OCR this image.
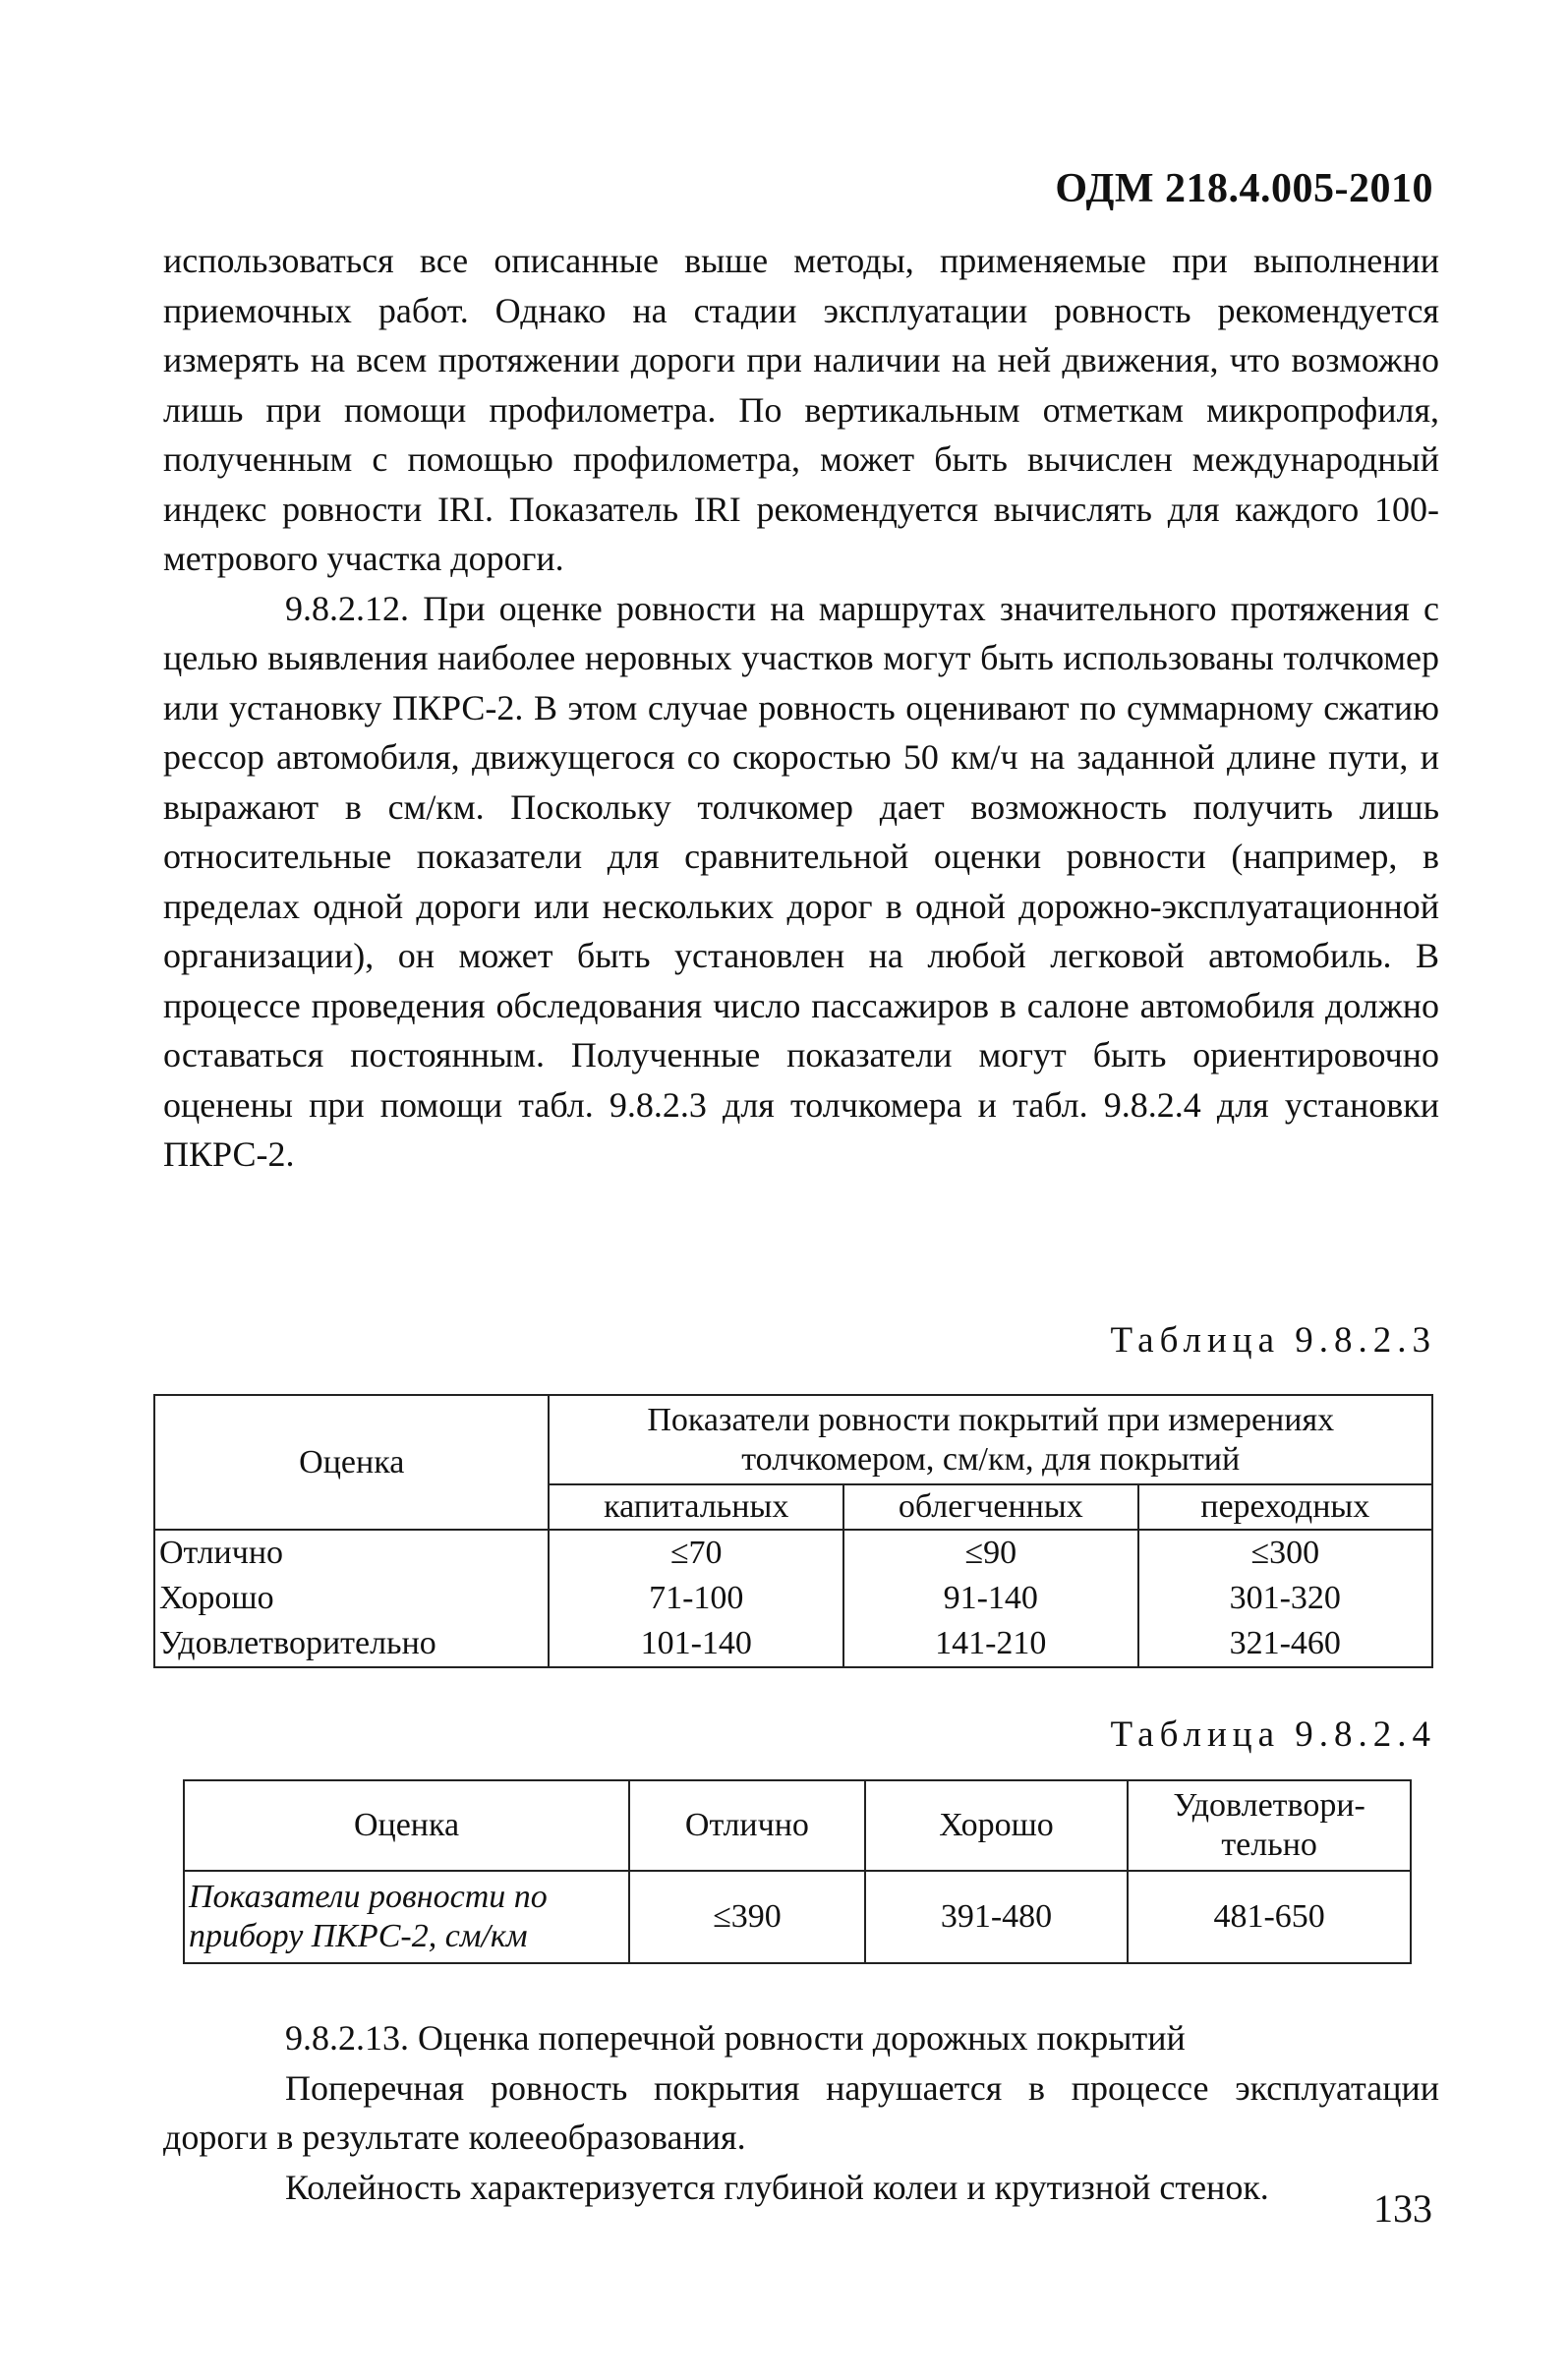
ОДМ 218.4.005-2010

использоваться все описанные выше методы, применяемые при выполнении приемочных работ. Однако на стадии эксплуатации ровность рекомендуется измерять на всем протяжении дороги при наличии на ней движения, что возможно лишь при помощи профилометра. По вертикальным отметкам микропрофиля, полученным с помощью профилометра, может быть вычислен международный индекс ровности IRI. Показатель IRI рекомендуется вычислять для каждого 100-метрового участка дороги.

9.8.2.12. При оценке ровности на маршрутах значительного протяжения с целью выявления наиболее неровных участков могут быть использованы толчкомер или установку ПКРС-2. В этом случае ровность оценивают по суммарному сжатию рессор автомобиля, движущегося со скоростью 50 км/ч на заданной длине пути, и выражают в см/км. Поскольку толчкомер дает возможность получить лишь относительные показатели для сравнительной оценки ровности (например, в пределах одной дороги или нескольких дорог в одной дорожно-эксплуатационной организации), он может быть установлен на любой легковой автомобиль. В процессе проведения обследования число пассажиров в салоне автомобиля должно оставаться постоянным. Полученные показатели могут быть ориентировочно оценены при помощи табл. 9.8.2.3 для толчкомера и табл. 9.8.2.4 для установки ПКРС-2.

Таблица 9.8.2.3
Оценка	Показатели ровности покрытий при измерениях толчкомером, см/км, для покрытий		
	капитальных	облегченных	переходных
Отлично	≤70	≤90	≤300
Хорошо	71-100	91-140	301-320
Удовлетворительно	101-140	141-210	321-460
Таблица 9.8.2.4
Оценка	Отлично	Хорошо	Удовлетвори-тельно
Показатели ровности по прибору ПКРС-2, см/км	≤390	391-480	481-650

9.8.2.13. Оценка поперечной ровности дорожных покрытий

Поперечная ровность покрытия нарушается в процессе эксплуатации дороги в результате колееобразования.

Колейность характеризуется глубиной колеи и крутизной стенок.	133
